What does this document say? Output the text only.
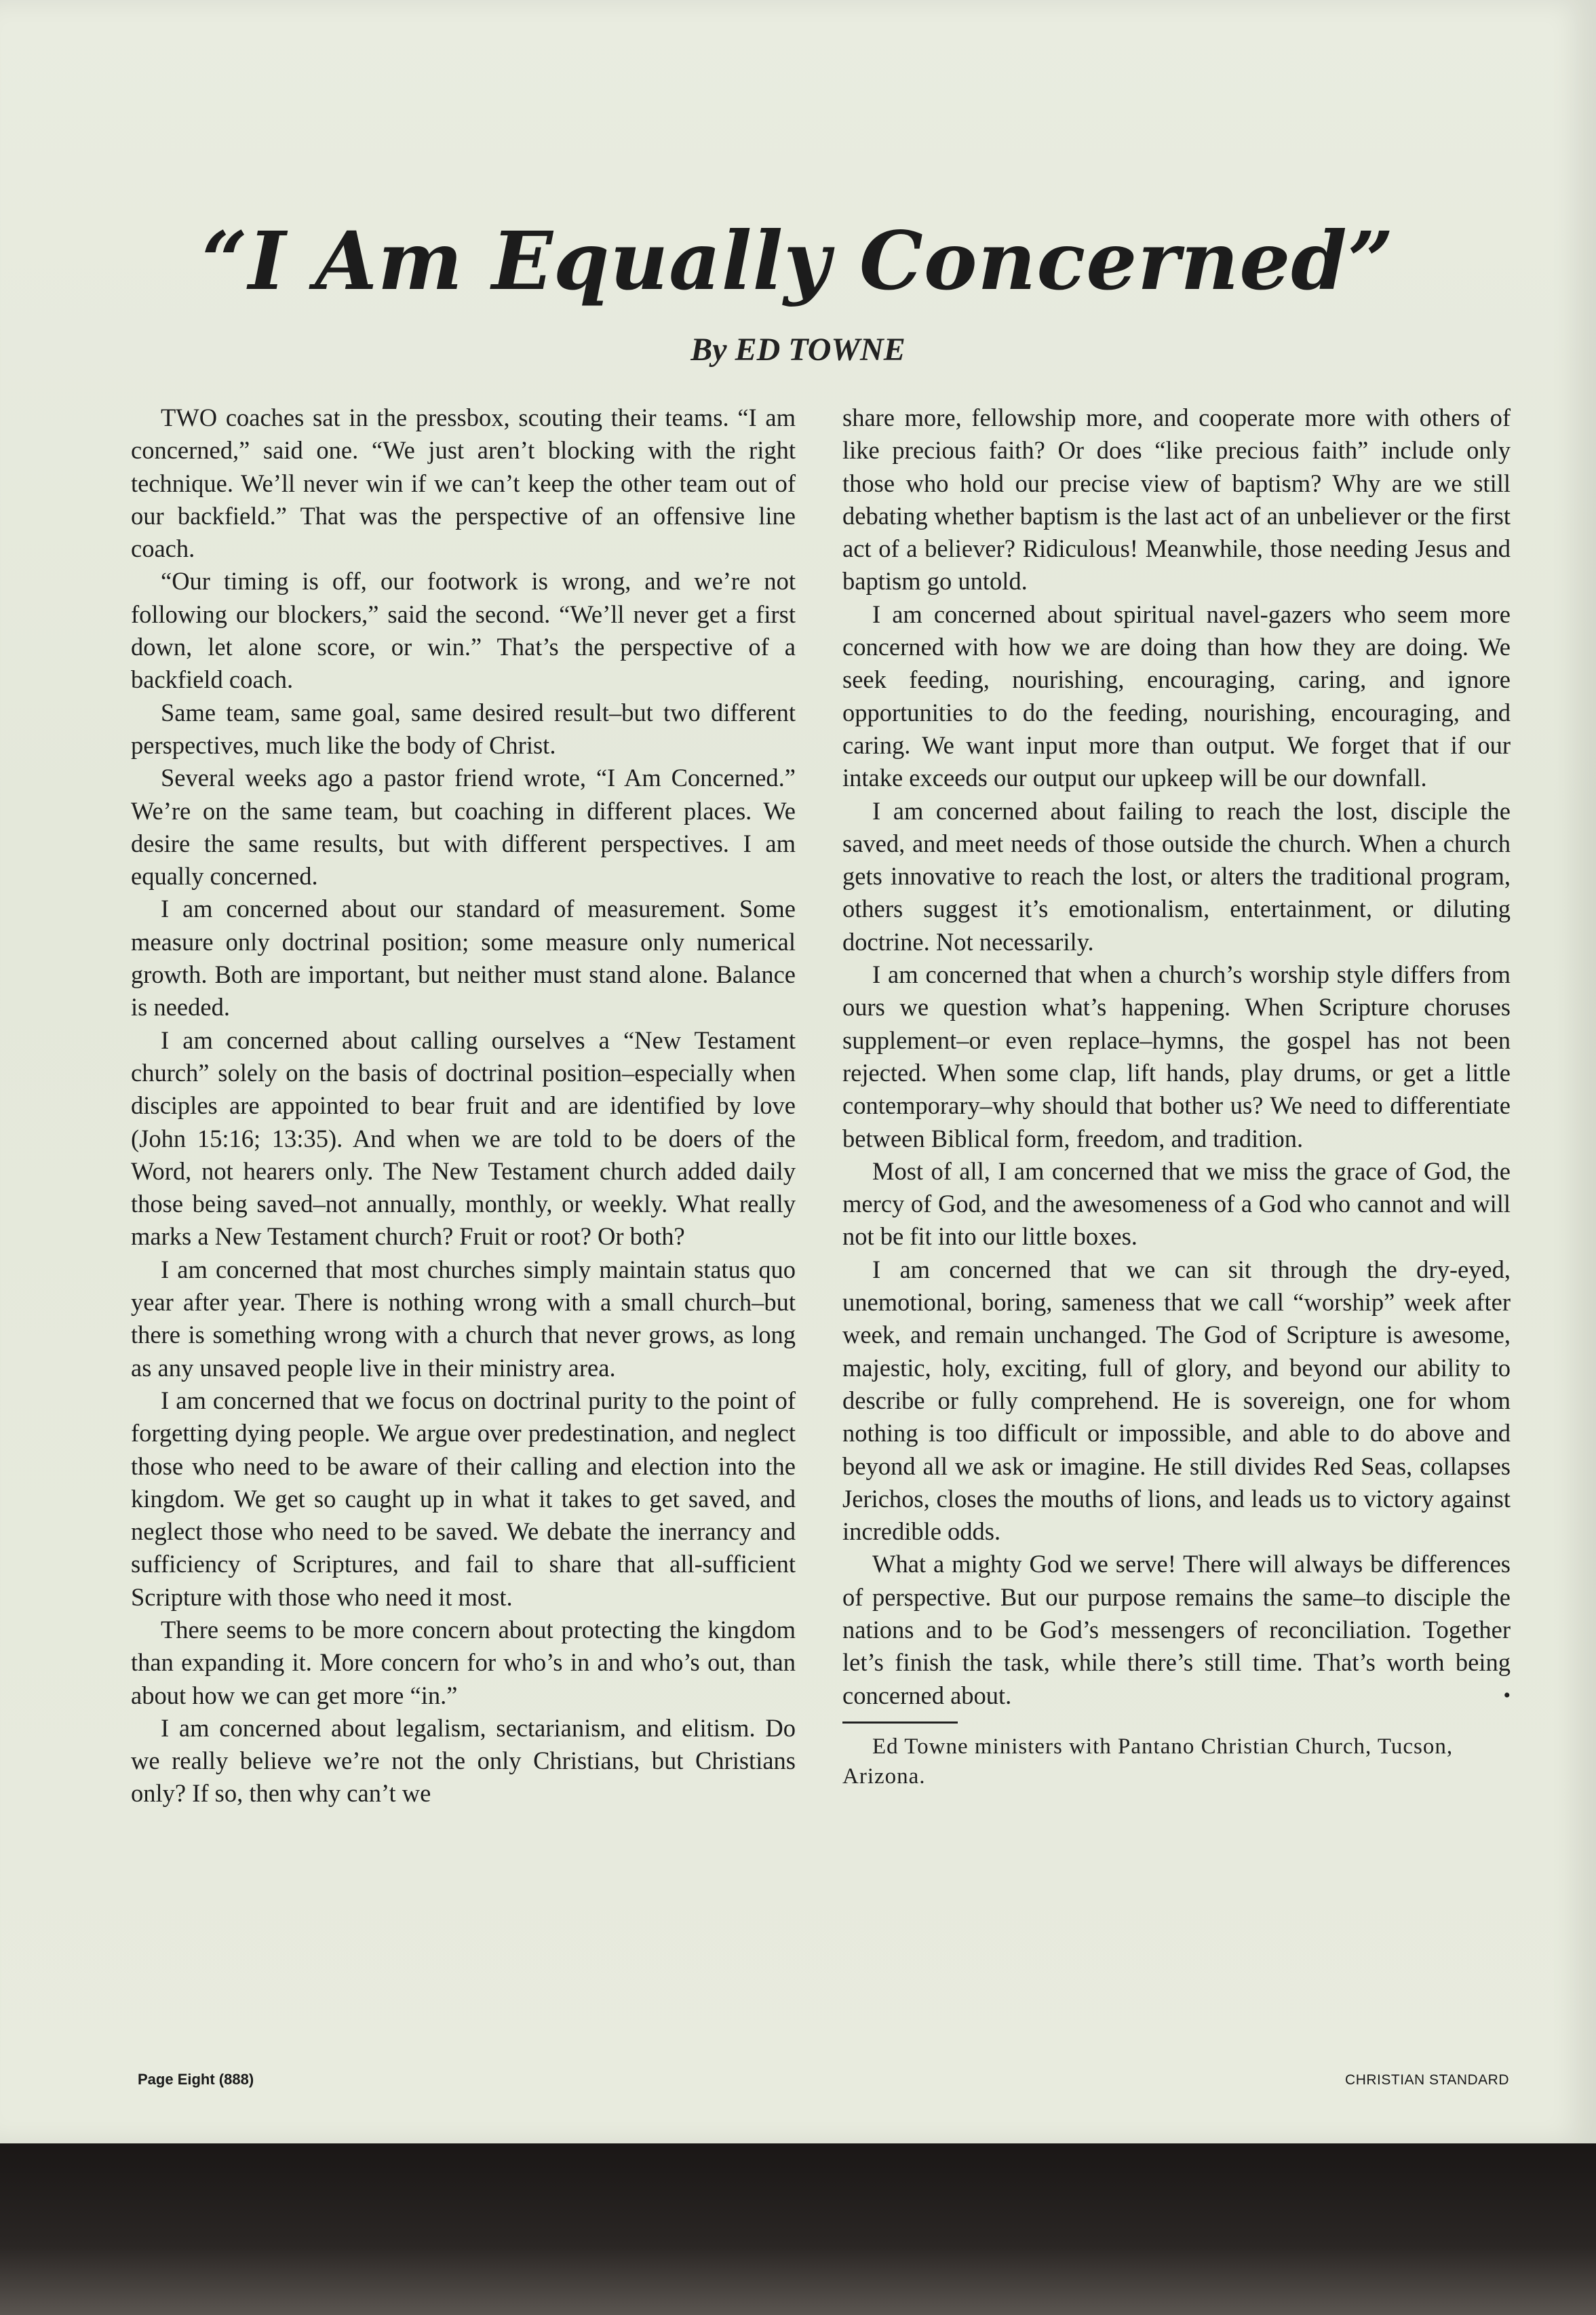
“I Am Equally Concerned”
By ED TOWNE

TWO coaches sat in the pressbox, scouting their teams. “I am concerned,” said one. “We just aren’t blocking with the right technique. We’ll never win if we can’t keep the other team out of our backfield.” That was the perspective of an offensive line coach.

“Our timing is off, our footwork is wrong, and we’re not following our blockers,” said the second. “We’ll never get a first down, let alone score, or win.” That’s the perspective of a backfield coach.

Same team, same goal, same desired result–but two different perspectives, much like the body of Christ.

Several weeks ago a pastor friend wrote, “I Am Concerned.” We’re on the same team, but coaching in different places. We desire the same results, but with different perspectives. I am equally concerned.

I am concerned about our standard of measurement. Some measure only doctrinal position; some measure only numerical growth. Both are important, but neither must stand alone. Balance is needed.

I am concerned about calling ourselves a “New Testament church” solely on the basis of doctrinal position–especially when disciples are appointed to bear fruit and are identified by love (John 15:16; 13:35). And when we are told to be doers of the Word, not hearers only. The New Testament church added daily those being saved–not annually, monthly, or weekly. What really marks a New Testament church? Fruit or root? Or both?

I am concerned that most churches simply maintain status quo year after year. There is nothing wrong with a small church–but there is something wrong with a church that never grows, as long as any unsaved people live in their ministry area.

I am concerned that we focus on doctrinal purity to the point of forgetting dying people. We argue over predestination, and neglect those who need to be aware of their calling and election into the kingdom. We get so caught up in what it takes to get saved, and neglect those who need to be saved. We debate the inerrancy and sufficiency of Scriptures, and fail to share that all-sufficient Scripture with those who need it most.

There seems to be more concern about protecting the kingdom than expanding it. More concern for who’s in and who’s out, than about how we can get more “in.”

I am concerned about legalism, sectarianism, and elitism. Do we really believe we’re not the only Christians, but Christians only? If so, then why can’t we

share more, fellowship more, and cooperate more with others of like precious faith? Or does “like precious faith” include only those who hold our precise view of baptism? Why are we still debating whether baptism is the last act of an unbeliever or the first act of a believer? Ridiculous! Meanwhile, those needing Jesus and baptism go untold.

I am concerned about spiritual navel-gazers who seem more concerned with how we are doing than how they are doing. We seek feeding, nourishing, encouraging, caring, and ignore opportunities to do the feeding, nourishing, encouraging, and caring. We want input more than output. We forget that if our intake exceeds our output our upkeep will be our downfall.

I am concerned about failing to reach the lost, disciple the saved, and meet needs of those outside the church. When a church gets innovative to reach the lost, or alters the traditional program, others suggest it’s emotionalism, entertainment, or diluting doctrine. Not necessarily.

I am concerned that when a church’s worship style differs from ours we question what’s happening. When Scripture choruses supplement–or even replace–hymns, the gospel has not been rejected. When some clap, lift hands, play drums, or get a little contemporary–why should that bother us? We need to differentiate between Biblical form, freedom, and tradition.

Most of all, I am concerned that we miss the grace of God, the mercy of God, and the awesomeness of a God who cannot and will not be fit into our little boxes.

I am concerned that we can sit through the dry-eyed, unemotional, boring, sameness that we call “worship” week after week, and remain unchanged. The God of Scripture is awesome, majestic, holy, exciting, full of glory, and beyond our ability to describe or fully comprehend. He is sovereign, one for whom nothing is too difficult or impossible, and able to do above and beyond all we ask or imagine. He still divides Red Seas, collapses Jerichos, closes the mouths of lions, and leads us to victory against incredible odds.

What a mighty God we serve! There will always be differences of perspective. But our purpose remains the same–to disciple the nations and to be God’s messengers of reconciliation. Together let’s finish the task, while there’s still time. That’s worth being concerned about.	•

Ed Towne ministers with Pantano Christian Church, Tucson, Arizona.

Page Eight (888)	CHRISTIAN STANDARD
